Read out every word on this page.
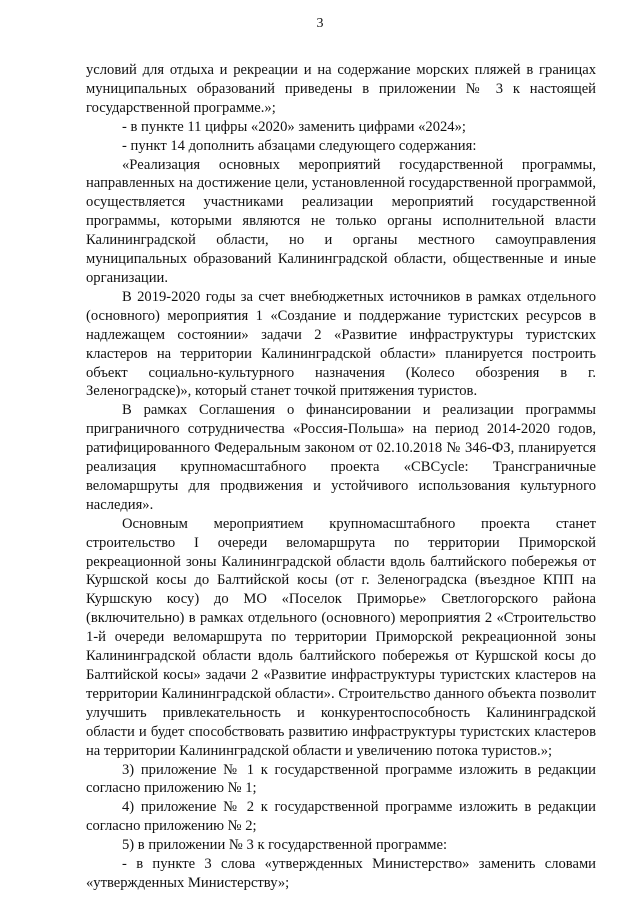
3

условий для отдыха и рекреации и на содержание морских пляжей в границах муниципальных образований приведены в приложении № 3 к настоящей государственной программе.»;

- в пункте 11 цифры «2020» заменить цифрами «2024»;

- пункт 14 дополнить абзацами следующего содержания:

«Реализация основных мероприятий государственной программы, направленных на достижение цели, установленной государственной программой, осуществляется участниками реализации мероприятий государственной программы, которыми являются не только органы исполнительной власти Калининградской области, но и органы местного самоуправления муниципальных образований Калининградской области, общественные и иные организации.

В 2019-2020 годы за счет внебюджетных источников в рамках отдельного (основного) мероприятия 1 «Создание и поддержание туристских ресурсов в надлежащем состоянии» задачи 2 «Развитие инфраструктуры туристских кластеров на территории Калининградской области» планируется построить объект социально-культурного назначения (Колесо обозрения в г. Зеленоградске)», который станет точкой притяжения туристов.

В рамках Соглашения о финансировании и реализации программы приграничного сотрудничества «Россия-Польша» на период 2014-2020 годов, ратифицированного Федеральным законом от 02.10.2018 № 346-ФЗ, планируется реализация крупномасштабного проекта «CBCycle: Трансграничные веломаршруты для продвижения и устойчивого использования культурного наследия».

Основным мероприятием крупномасштабного проекта станет строительство I очереди веломаршрута по территории Приморской рекреационной зоны Калининградской области вдоль балтийского побережья от Куршской косы до Балтийской косы (от г. Зеленоградска (въездное КПП на Куршскую косу) до МО «Поселок Приморье» Светлогорского района (включительно) в рамках отдельного (основного) мероприятия 2 «Строительство 1-й очереди веломаршрута по территории Приморской рекреационной зоны Калининградской области вдоль балтийского побережья от Куршской косы до Балтийской косы» задачи 2 «Развитие инфраструктуры туристских кластеров на территории Калининградской области». Строительство данного объекта позволит улучшить привлекательность и конкурентоспособность Калининградской области и будет способствовать развитию инфраструктуры туристских кластеров на территории Калининградской области и увеличению потока туристов.»;

3) приложение № 1 к государственной программе изложить в редакции согласно приложению № 1;

4) приложение № 2 к государственной программе изложить в редакции согласно приложению № 2;

5) в приложении № 3 к государственной программе:

- в пункте 3 слова «утвержденных Министерство» заменить словами «утвержденных Министерству»;
